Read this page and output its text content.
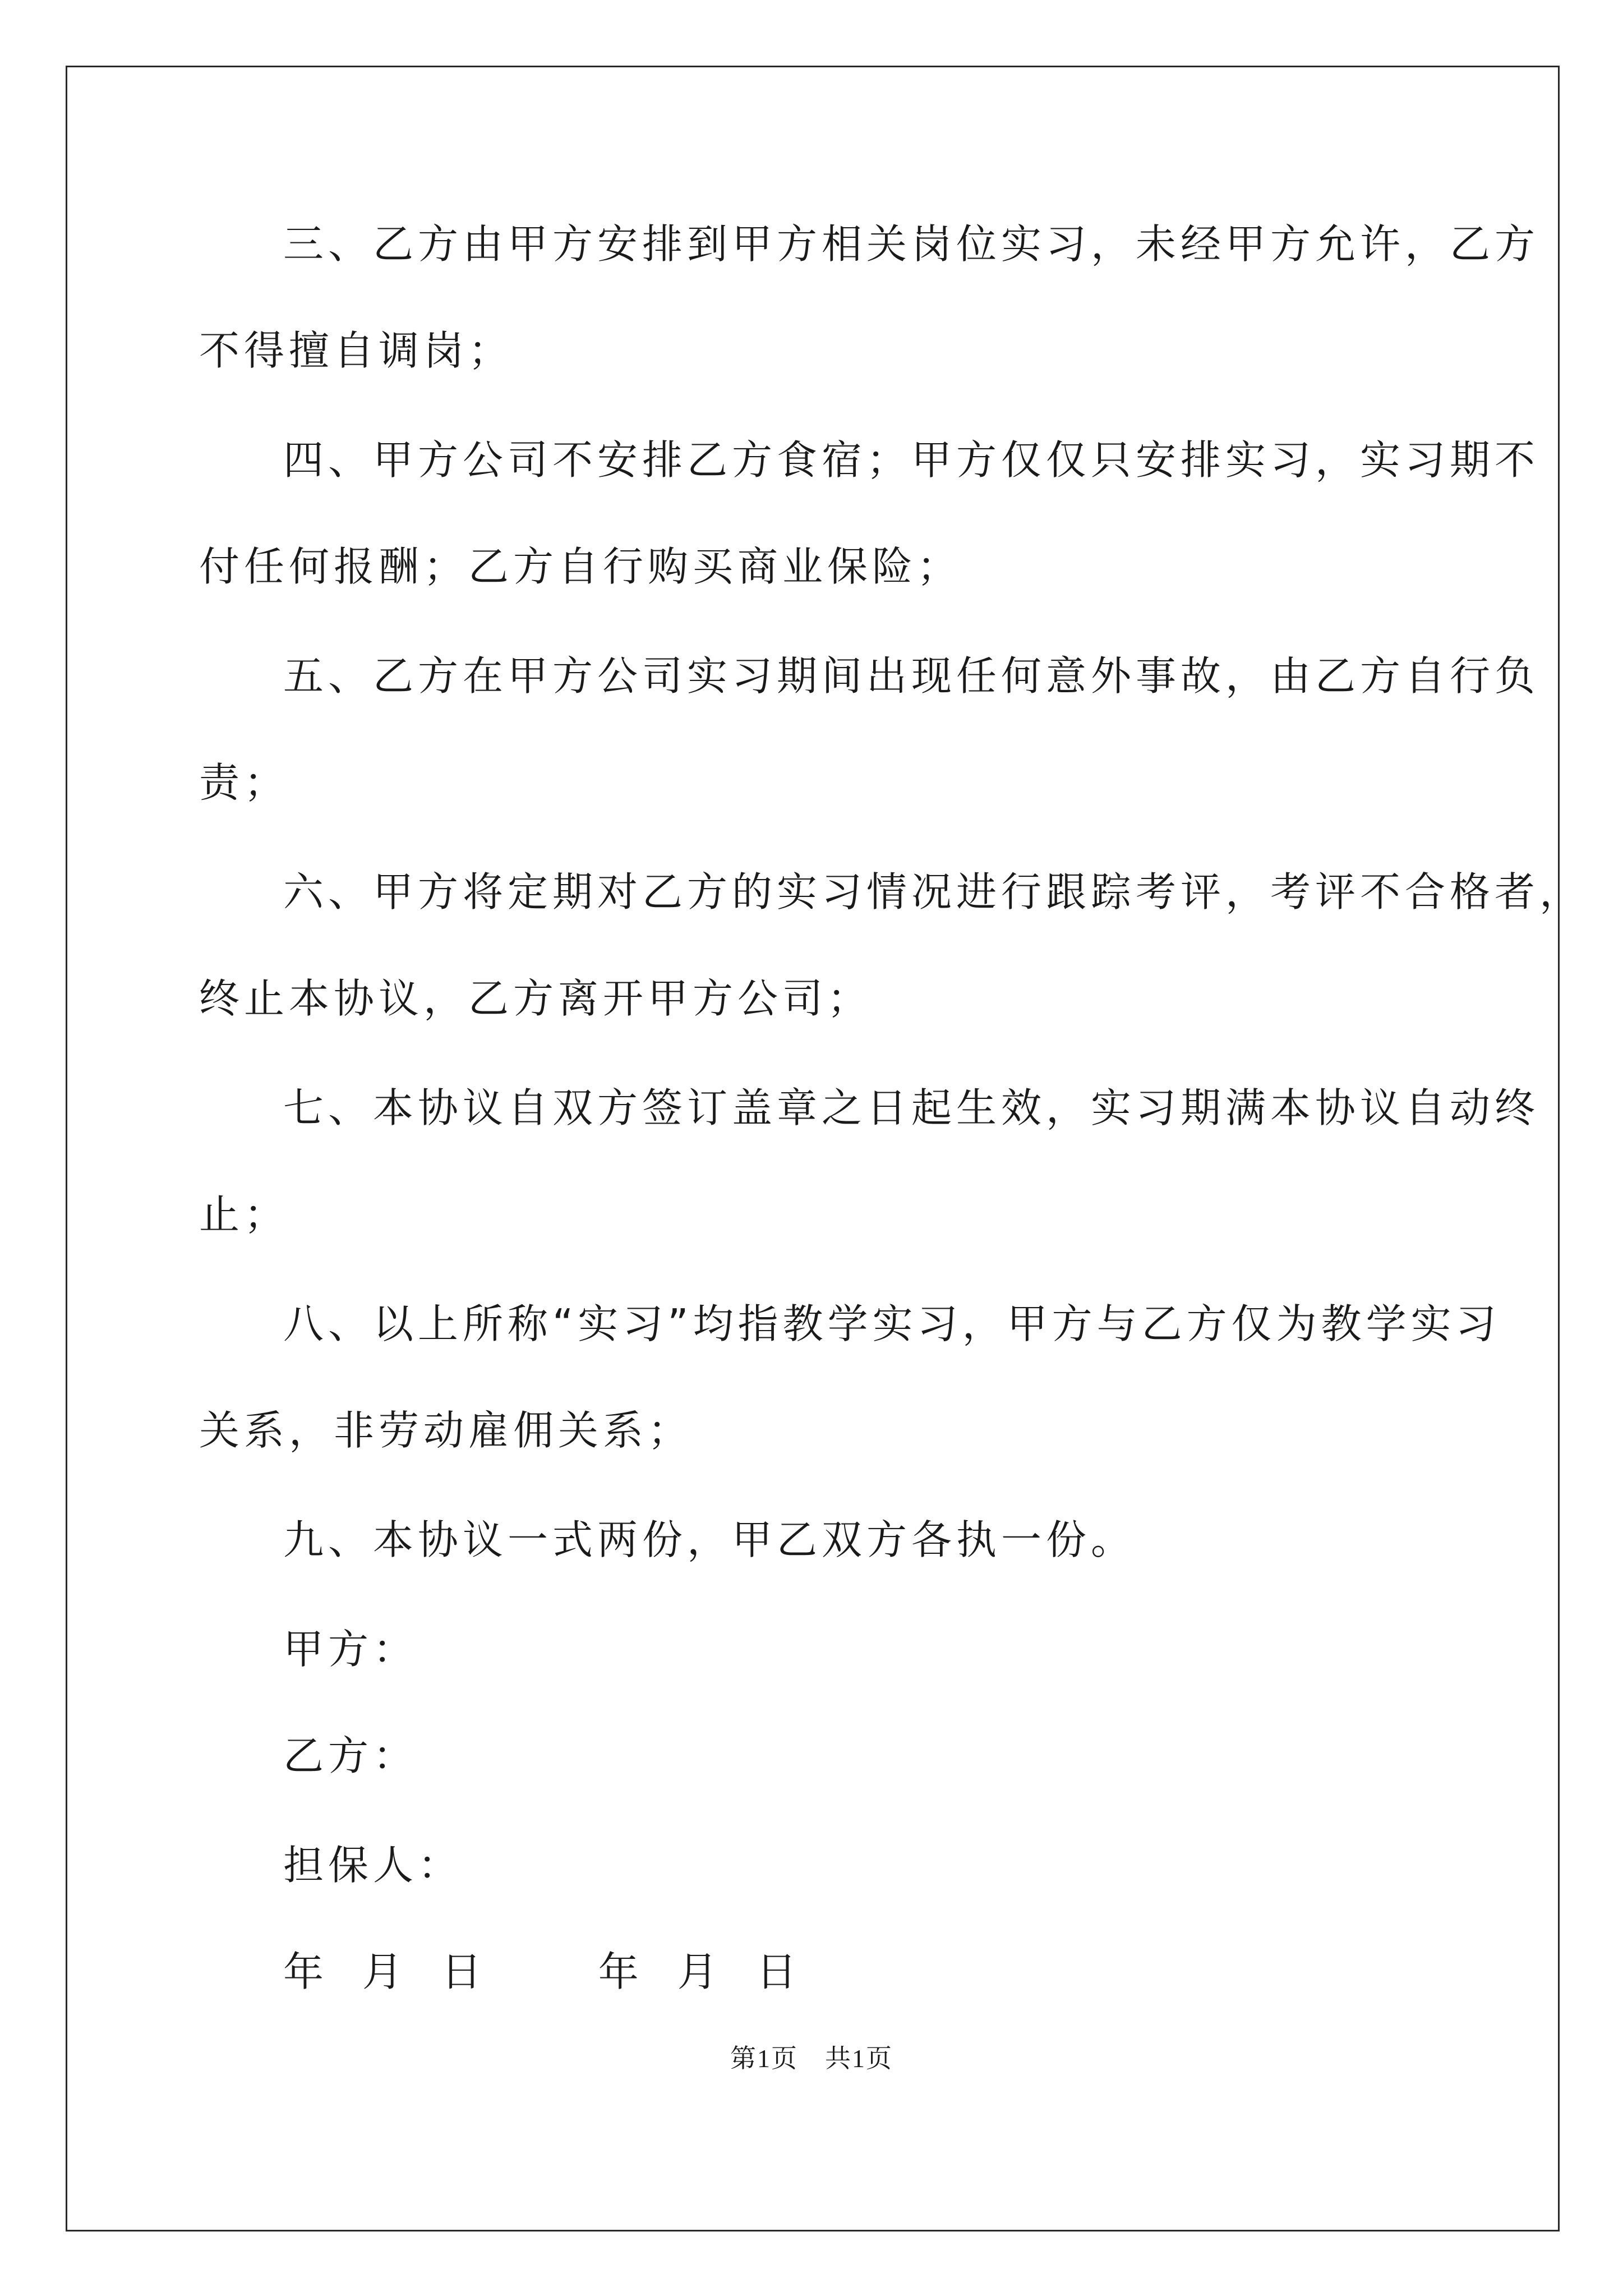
三、乙方由甲方安排到甲方相关岗位实习，未经甲方允许，乙方
不得擅自调岗；
四、甲方公司不安排乙方食宿；甲方仅仅只安排实习，实习期不
付任何报酬；乙方自行购买商业保险；
五、乙方在甲方公司实习期间出现任何意外事故，由乙方自行负
责；
六、甲方将定期对乙方的实习情况进行跟踪考评，考评不合格者，
终止本协议，乙方离开甲方公司；
七、本协议自双方签订盖章之日起生效，实习期满本协议自动终
止；
八、以上所称“实习”均指教学实习，甲方与乙方仅为教学实习
关系，非劳动雇佣关系；
九、本协议一式两份，甲乙双方各执一份。
甲方：
乙方：
担保人：
年 月 日	年 月 日
第1页 共1页
